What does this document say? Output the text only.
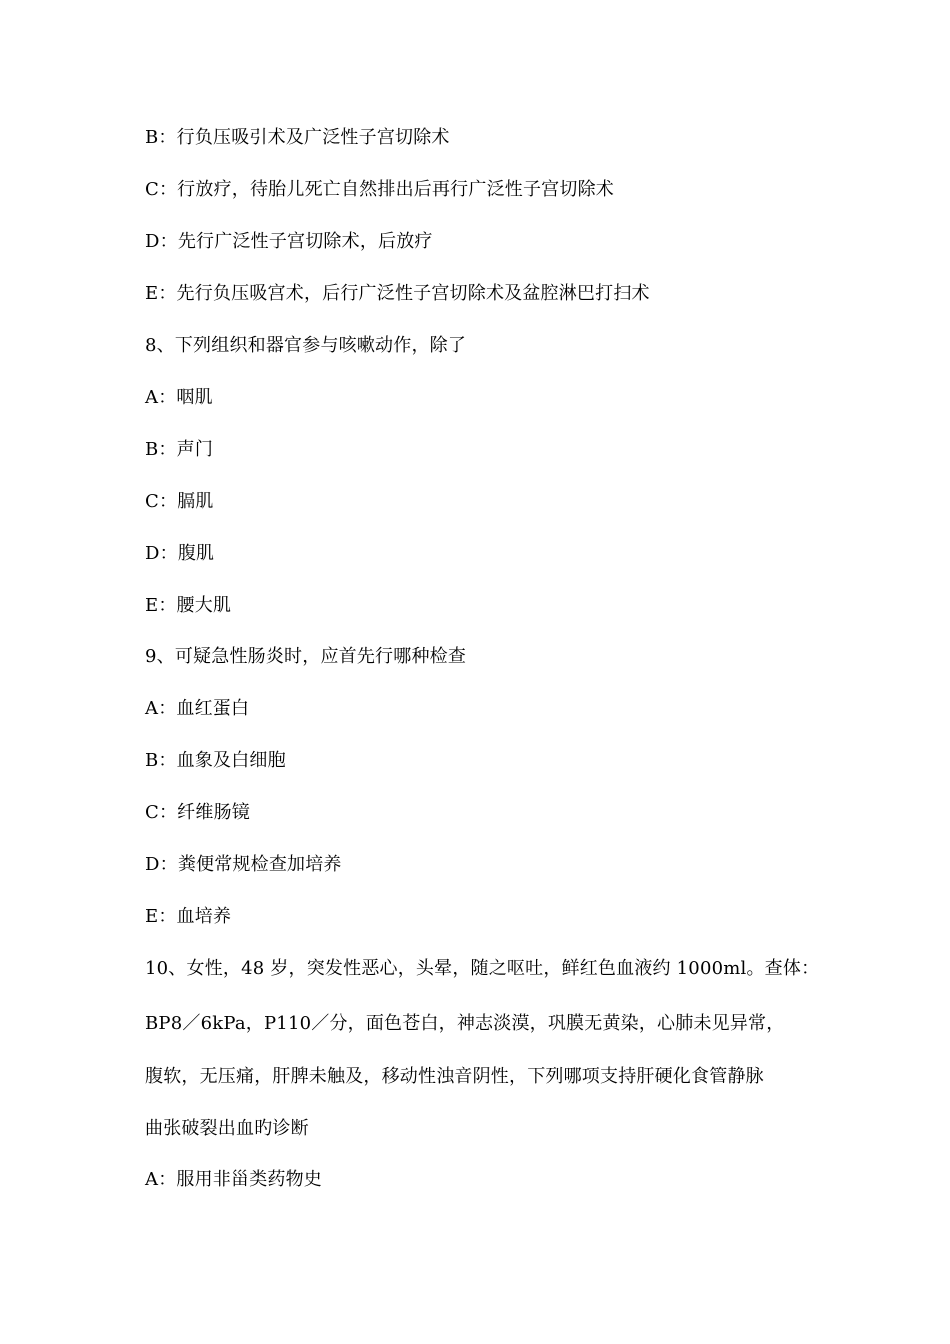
B：行负压吸引术及广泛性子宫切除术
C：行放疗，待胎儿死亡自然排出后再行广泛性子宫切除术
D：先行广泛性子宫切除术，后放疗
E：先行负压吸宫术，后行广泛性子宫切除术及盆腔淋巴打扫术
8、下列组织和器官参与咳嗽动作，除了
A：咽肌
B：声门
C：膈肌
D：腹肌
E：腰大肌
9、可疑急性肠炎时，应首先行哪种检查
A：血红蛋白
B：血象及白细胞
C：纤维肠镜
D：粪便常规检查加培养
E：血培养
10、女性，48 岁，突发性恶心，头晕，随之呕吐，鲜红色血液约 1000ml。查体：
BP8／6kPa，P110／分，面色苍白，神志淡漠，巩膜无黄染，心肺未见异常，
腹软，无压痛，肝脾未触及，移动性浊音阴性，下列哪项支持肝硬化食管静脉
曲张破裂出血旳诊断
A：服用非甾类药物史
